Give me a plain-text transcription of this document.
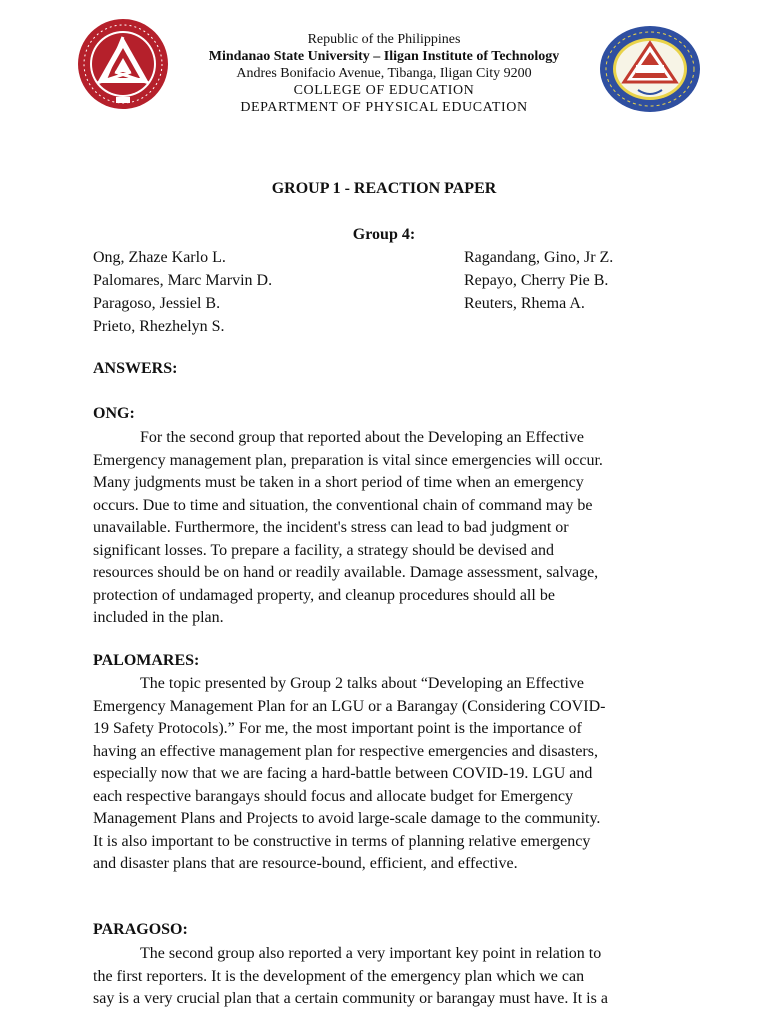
Republic of the Philippines
Mindanao State University – Iligan Institute of Technology
Andres Bonifacio Avenue, Tibanga, Iligan City 9200
COLLEGE OF EDUCATION
DEPARTMENT OF PHYSICAL EDUCATION
GROUP 1 - REACTION PAPER
Group 4:
Ong, Zhaze Karlo L.
Palomares, Marc Marvin D.
Paragoso, Jessiel B.
Prieto, Rhezhelyn S.
Ragandang, Gino, Jr Z.
Repayo, Cherry Pie B.
Reuters, Rhema A.
ANSWERS:
ONG:
For the second group that reported about the Developing an Effective
Emergency management plan, preparation is vital since emergencies will occur.
Many judgments must be taken in a short period of time when an emergency
occurs. Due to time and situation, the conventional chain of command may be
unavailable. Furthermore, the incident's stress can lead to bad judgment or
significant losses. To prepare a facility, a strategy should be devised and
resources should be on hand or readily available. Damage assessment, salvage,
protection of undamaged property, and cleanup procedures should all be
included in the plan.
PALOMARES:
The topic presented by Group 2 talks about “Developing an Effective
Emergency Management Plan for an LGU or a Barangay (Considering COVID-
19 Safety Protocols).” For me, the most important point is the importance of
having an effective management plan for respective emergencies and disasters,
especially now that we are facing a hard-battle between COVID-19. LGU and
each respective barangays should focus and allocate budget for Emergency
Management Plans and Projects to avoid large-scale damage to the community.
It is also important to be constructive in terms of planning relative emergency
and disaster plans that are resource-bound, efficient, and effective.
PARAGOSO:
The second group also reported a very important key point in relation to
the first reporters. It is the development of the emergency plan which we can
say is a very crucial plan that a certain community or barangay must have. It is a
